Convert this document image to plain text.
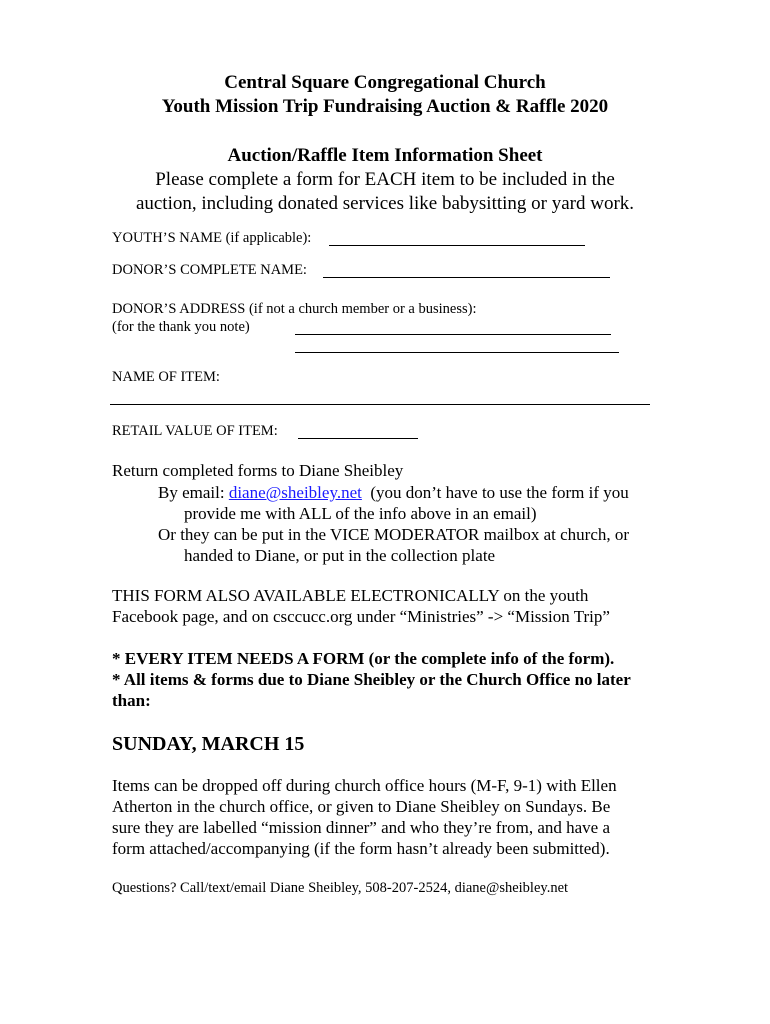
Central Square Congregational Church
Youth Mission Trip Fundraising Auction & Raffle 2020
Auction/Raffle Item Information Sheet
Please complete a form for EACH item to be included in the
auction, including donated services like babysitting or yard work.
YOUTH’S NAME (if applicable):
DONOR’S COMPLETE NAME:
DONOR’S ADDRESS (if not a church member or a business):
(for the thank you note)
NAME OF ITEM:
RETAIL VALUE OF ITEM:
Return completed forms to Diane Sheibley
By email: diane@sheibley.net  (you don’t have to use the form if you
provide me with ALL of the info above in an email)
Or they can be put in the VICE MODERATOR mailbox at church, or
handed to Diane, or put in the collection plate
THIS FORM ALSO AVAILABLE ELECTRONICALLY on the youth
Facebook page, and on csccucc.org under “Ministries” -> “Mission Trip”
* EVERY ITEM NEEDS A FORM (or the complete info of the form).
* All items & forms due to Diane Sheibley or the Church Office no later
than:
SUNDAY, MARCH 15
Items can be dropped off during church office hours (M-F, 9-1) with Ellen
Atherton in the church office, or given to Diane Sheibley on Sundays. Be
sure they are labelled “mission dinner” and who they’re from, and have a
form attached/accompanying (if the form hasn’t already been submitted).
Questions? Call/text/email Diane Sheibley, 508-207-2524, diane@sheibley.net
